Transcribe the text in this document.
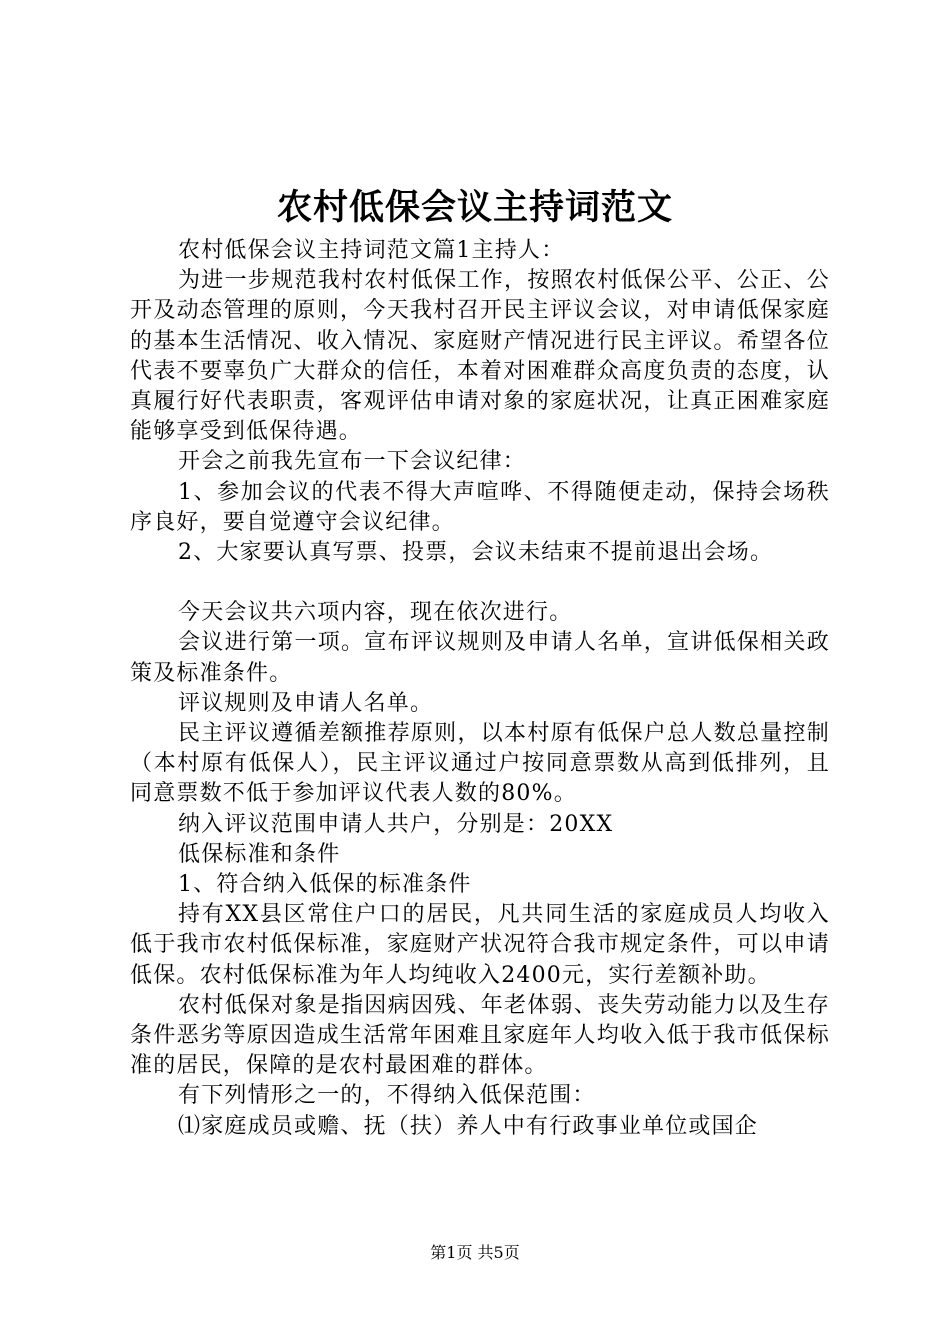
农村低保会议主持词范文

农村低保会议主持词范文篇1主持人：

为进一步规范我村农村低保工作，按照农村低保公平、公正、公开及动态管理的原则，今天我村召开民主评议会议，对申请低保家庭的基本生活情况、收入情况、家庭财产情况进行民主评议。希望各位代表不要辜负广大群众的信任，本着对困难群众高度负责的态度，认真履行好代表职责，客观评估申请对象的家庭状况，让真正困难家庭能够享受到低保待遇。

开会之前我先宣布一下会议纪律：

1、参加会议的代表不得大声喧哗、不得随便走动，保持会场秩序良好，要自觉遵守会议纪律。

2、大家要认真写票、投票，会议未结束不提前退出会场。

今天会议共六项内容，现在依次进行。

会议进行第一项。宣布评议规则及申请人名单，宣讲低保相关政策及标准条件。

评议规则及申请人名单。

民主评议遵循差额推荐原则，以本村原有低保户总人数总量控制（本村原有低保人），民主评议通过户按同意票数从高到低排列，且同意票数不低于参加评议代表人数的80%。

纳入评议范围申请人共户，分别是：20XX

低保标准和条件

1、符合纳入低保的标准条件

持有XX县区常住户口的居民，凡共同生活的家庭成员人均收入低于我市农村低保标准，家庭财产状况符合我市规定条件，可以申请低保。农村低保标准为年人均纯收入2400元，实行差额补助。

农村低保对象是指因病因残、年老体弱、丧失劳动能力以及生存条件恶劣等原因造成生活常年困难且家庭年人均收入低于我市低保标准的居民，保障的是农村最困难的群体。

有下列情形之一的，不得纳入低保范围：

⑴家庭成员或赡、抚（扶）养人中有行政事业单位或国企

第1页 共5页
